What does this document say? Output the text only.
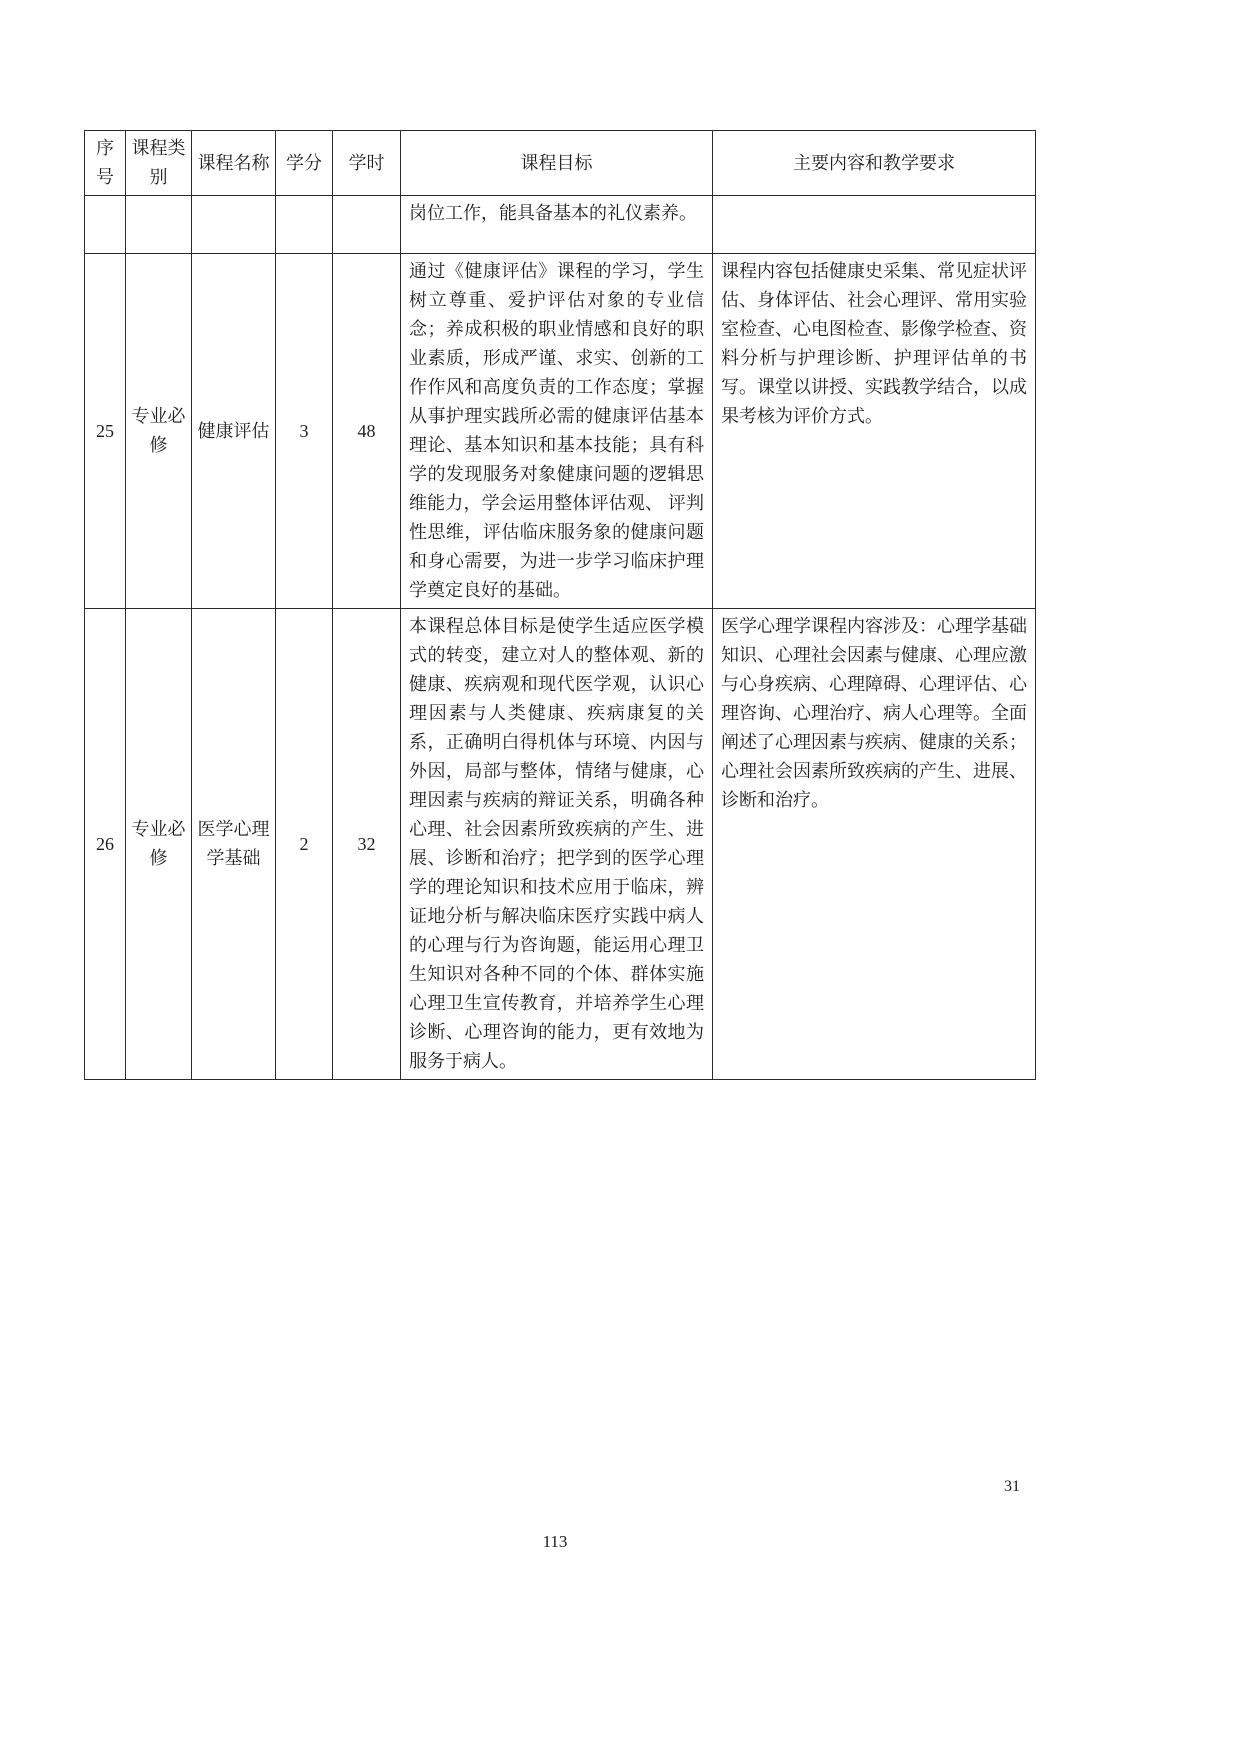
序号	课程类别	课程名称	学分	学时	课程目标	主要内容和教学要求
					岗位工作，能具备基本的礼仪素养。	
25	专业必修	健康评估	3	48	通过《健康评估》课程的学习，学生树立尊重、爱护评估对象的专业信念；养成积极的职业情感和良好的职业素质，形成严谨、求实、创新的工作作风和高度负责的工作态度；掌握从事护理实践所必需的健康评估基本理论、基本知识和基本技能；具有科学的发现服务对象健康问题的逻辑思维能力，学会运用整体评估观、 评判性思维，评估临床服务象的健康问题和身心需要，为进一步学习临床护理学奠定良好的基础。	课程内容包括健康史采集、常见症状评估、身体评估、社会心理评、常用实验室检查、心电图检查、影像学检查、资料分析与护理诊断、护理评估单的书写。课堂以讲授、实践教学结合，以成果考核为评价方式。
26	专业必修	医学心理学基础	2	32	本课程总体目标是使学生适应医学模式的转变，建立对人的整体观、新的健康、疾病观和现代医学观，认识心理因素与人类健康、疾病康复的关系，正确明白得机体与环境、内因与外因，局部与整体，情绪与健康，心理因素与疾病的辩证关系，明确各种心理、社会因素所致疾病的产生、进展、诊断和治疗；把学到的医学心理学的理论知识和技术应用于临床，辨证地分析与解决临床医疗实践中病人的心理与行为咨询题，能运用心理卫生知识对各种不同的个体、群体实施心理卫生宣传教育，并培养学生心理诊断、心理咨询的能力，更有效地为服务于病人。	医学心理学课程内容涉及：心理学基础知识、心理社会因素与健康、心理应激与心身疾病、心理障碍、心理评估、心理咨询、心理治疗、病人心理等。全面阐述了心理因素与疾病、健康的关系；心理社会因素所致疾病的产生、进展、诊断和治疗。
31
113
